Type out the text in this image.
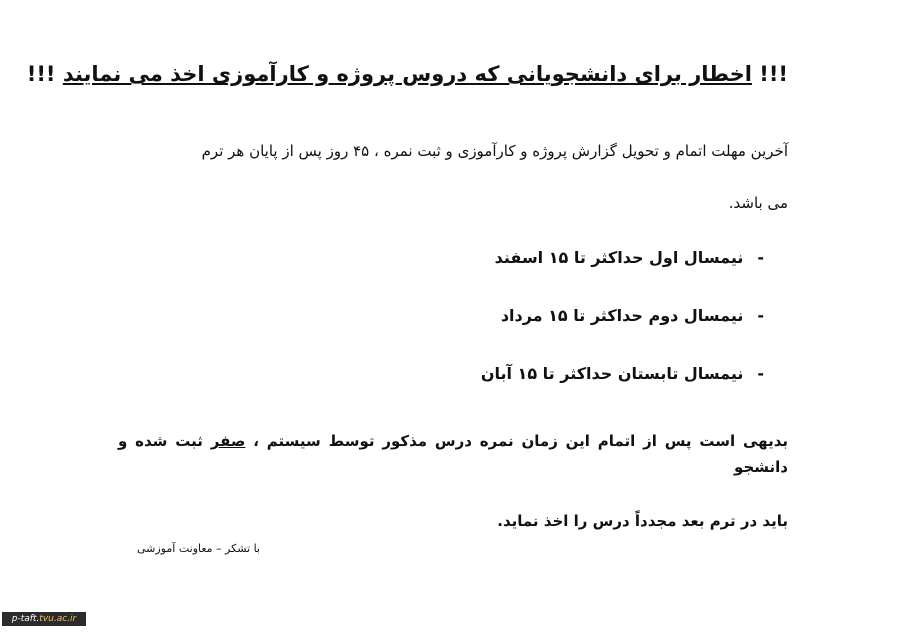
!!! اخطار برای دانشجویانی که دروس پروژه و کارآموزی اخذ می نمایند !!!
آخرین مهلت اتمام و تحویل گزارش پروژه و کارآموزی و ثبت نمره ، ۴۵ روز پس از پایان هر ترم
می باشد.
-نیمسال اول حداکثر تا ۱۵ اسفند
-نیمسال دوم حداکثر تا ۱۵ مرداد
-نیمسال تابستان حداکثر تا ۱۵ آبان
بدیهی است پس از اتمام این زمان نمره درس مذکور توسط سیستم ، صفر ثبت شده و دانشجو
باید در ترم بعد مجدداً درس را اخذ نماید.
با تشکر – معاونت آموزشی
p-taft.tvu.ac.ir
